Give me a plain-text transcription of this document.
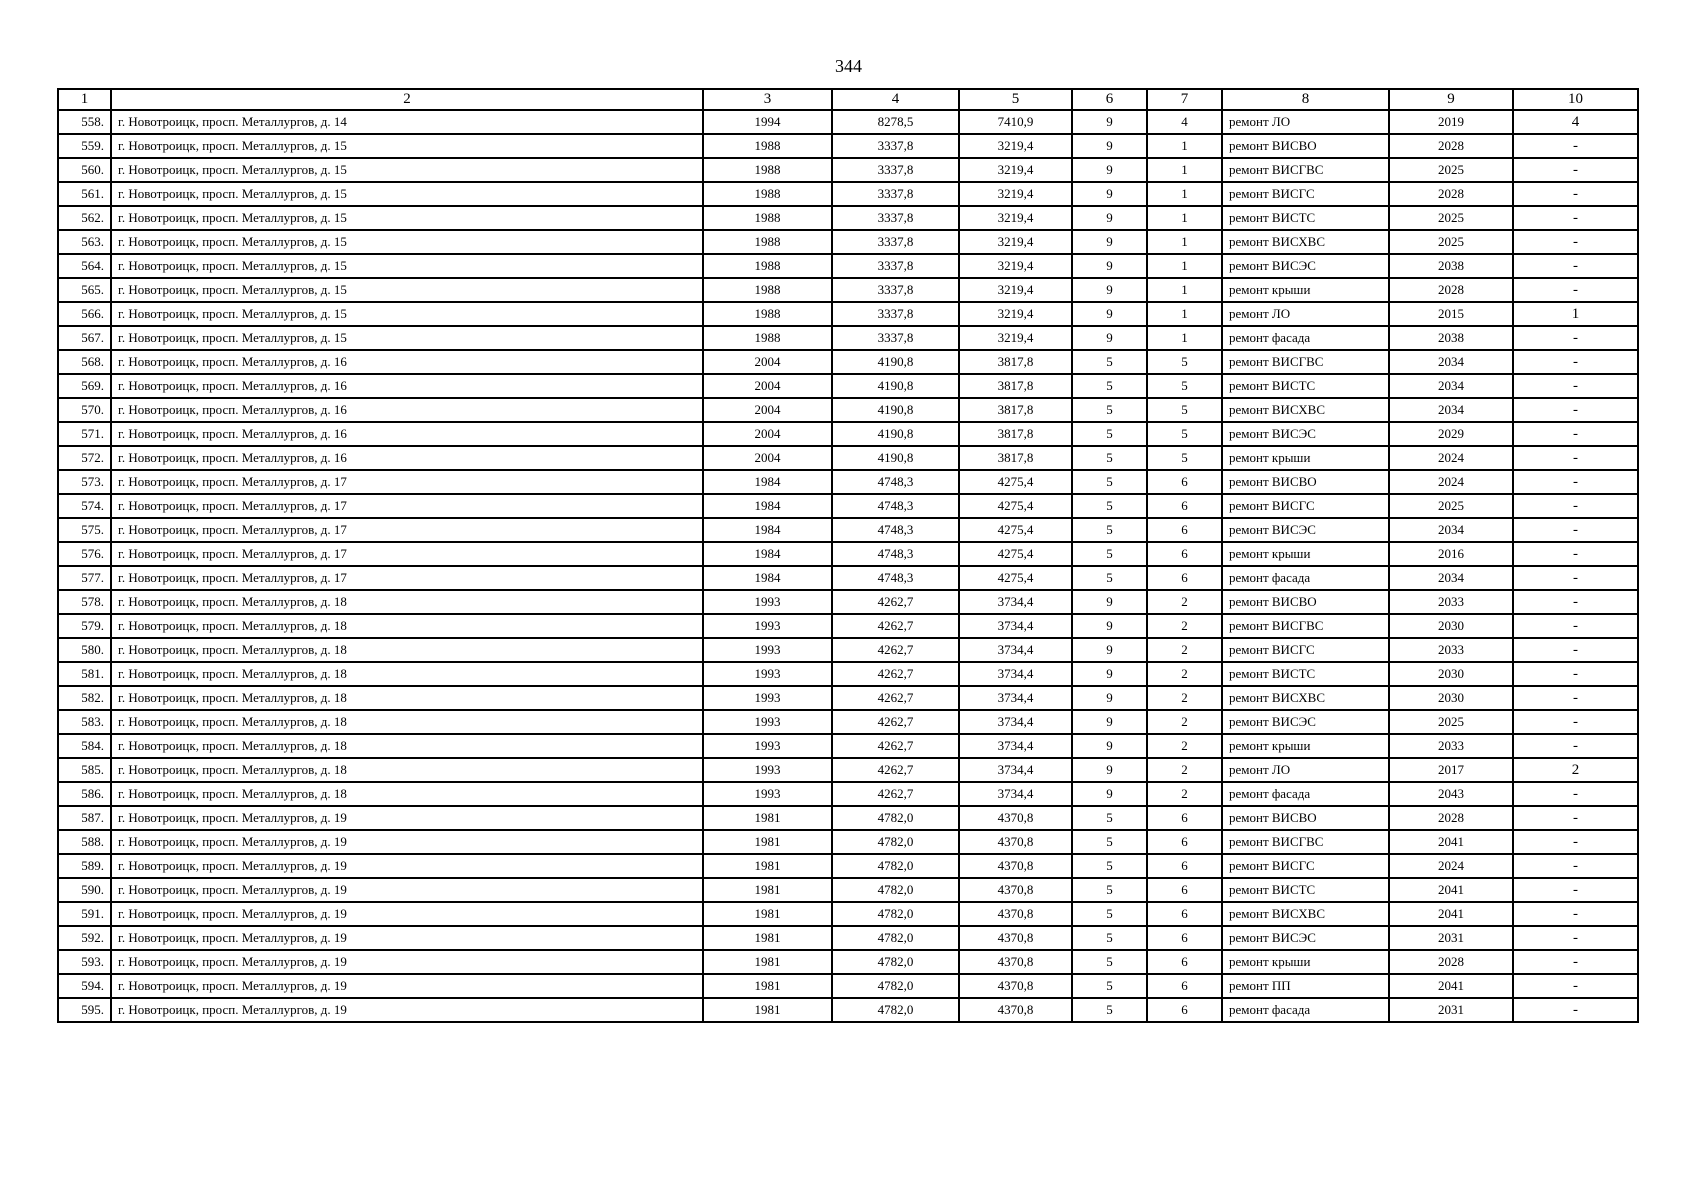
344
1	2	3	4	5	6	7	8	9	10
558.	г. Новотроицк, просп. Металлургов, д. 14	1994	8278,5	7410,9	9	4	ремонт ЛО	2019	4
559.	г. Новотроицк, просп. Металлургов, д. 15	1988	3337,8	3219,4	9	1	ремонт ВИСВО	2028	-
560.	г. Новотроицк, просп. Металлургов, д. 15	1988	3337,8	3219,4	9	1	ремонт ВИСГВС	2025	-
561.	г. Новотроицк, просп. Металлургов, д. 15	1988	3337,8	3219,4	9	1	ремонт ВИСГС	2028	-
562.	г. Новотроицк, просп. Металлургов, д. 15	1988	3337,8	3219,4	9	1	ремонт ВИСТС	2025	-
563.	г. Новотроицк, просп. Металлургов, д. 15	1988	3337,8	3219,4	9	1	ремонт ВИСХВС	2025	-
564.	г. Новотроицк, просп. Металлургов, д. 15	1988	3337,8	3219,4	9	1	ремонт ВИСЭС	2038	-
565.	г. Новотроицк, просп. Металлургов, д. 15	1988	3337,8	3219,4	9	1	ремонт крыши	2028	-
566.	г. Новотроицк, просп. Металлургов, д. 15	1988	3337,8	3219,4	9	1	ремонт ЛО	2015	1
567.	г. Новотроицк, просп. Металлургов, д. 15	1988	3337,8	3219,4	9	1	ремонт фасада	2038	-
568.	г. Новотроицк, просп. Металлургов, д. 16	2004	4190,8	3817,8	5	5	ремонт ВИСГВС	2034	-
569.	г. Новотроицк, просп. Металлургов, д. 16	2004	4190,8	3817,8	5	5	ремонт ВИСТС	2034	-
570.	г. Новотроицк, просп. Металлургов, д. 16	2004	4190,8	3817,8	5	5	ремонт ВИСХВС	2034	-
571.	г. Новотроицк, просп. Металлургов, д. 16	2004	4190,8	3817,8	5	5	ремонт ВИСЭС	2029	-
572.	г. Новотроицк, просп. Металлургов, д. 16	2004	4190,8	3817,8	5	5	ремонт крыши	2024	-
573.	г. Новотроицк, просп. Металлургов, д. 17	1984	4748,3	4275,4	5	6	ремонт ВИСВО	2024	-
574.	г. Новотроицк, просп. Металлургов, д. 17	1984	4748,3	4275,4	5	6	ремонт ВИСГС	2025	-
575.	г. Новотроицк, просп. Металлургов, д. 17	1984	4748,3	4275,4	5	6	ремонт ВИСЭС	2034	-
576.	г. Новотроицк, просп. Металлургов, д. 17	1984	4748,3	4275,4	5	6	ремонт крыши	2016	-
577.	г. Новотроицк, просп. Металлургов, д. 17	1984	4748,3	4275,4	5	6	ремонт фасада	2034	-
578.	г. Новотроицк, просп. Металлургов, д. 18	1993	4262,7	3734,4	9	2	ремонт ВИСВО	2033	-
579.	г. Новотроицк, просп. Металлургов, д. 18	1993	4262,7	3734,4	9	2	ремонт ВИСГВС	2030	-
580.	г. Новотроицк, просп. Металлургов, д. 18	1993	4262,7	3734,4	9	2	ремонт ВИСГС	2033	-
581.	г. Новотроицк, просп. Металлургов, д. 18	1993	4262,7	3734,4	9	2	ремонт ВИСТС	2030	-
582.	г. Новотроицк, просп. Металлургов, д. 18	1993	4262,7	3734,4	9	2	ремонт ВИСХВС	2030	-
583.	г. Новотроицк, просп. Металлургов, д. 18	1993	4262,7	3734,4	9	2	ремонт ВИСЭС	2025	-
584.	г. Новотроицк, просп. Металлургов, д. 18	1993	4262,7	3734,4	9	2	ремонт крыши	2033	-
585.	г. Новотроицк, просп. Металлургов, д. 18	1993	4262,7	3734,4	9	2	ремонт ЛО	2017	2
586.	г. Новотроицк, просп. Металлургов, д. 18	1993	4262,7	3734,4	9	2	ремонт фасада	2043	-
587.	г. Новотроицк, просп. Металлургов, д. 19	1981	4782,0	4370,8	5	6	ремонт ВИСВО	2028	-
588.	г. Новотроицк, просп. Металлургов, д. 19	1981	4782,0	4370,8	5	6	ремонт ВИСГВС	2041	-
589.	г. Новотроицк, просп. Металлургов, д. 19	1981	4782,0	4370,8	5	6	ремонт ВИСГС	2024	-
590.	г. Новотроицк, просп. Металлургов, д. 19	1981	4782,0	4370,8	5	6	ремонт ВИСТС	2041	-
591.	г. Новотроицк, просп. Металлургов, д. 19	1981	4782,0	4370,8	5	6	ремонт ВИСХВС	2041	-
592.	г. Новотроицк, просп. Металлургов, д. 19	1981	4782,0	4370,8	5	6	ремонт ВИСЭС	2031	-
593.	г. Новотроицк, просп. Металлургов, д. 19	1981	4782,0	4370,8	5	6	ремонт крыши	2028	-
594.	г. Новотроицк, просп. Металлургов, д. 19	1981	4782,0	4370,8	5	6	ремонт ПП	2041	-
595.	г. Новотроицк, просп. Металлургов, д. 19	1981	4782,0	4370,8	5	6	ремонт фасада	2031	-
